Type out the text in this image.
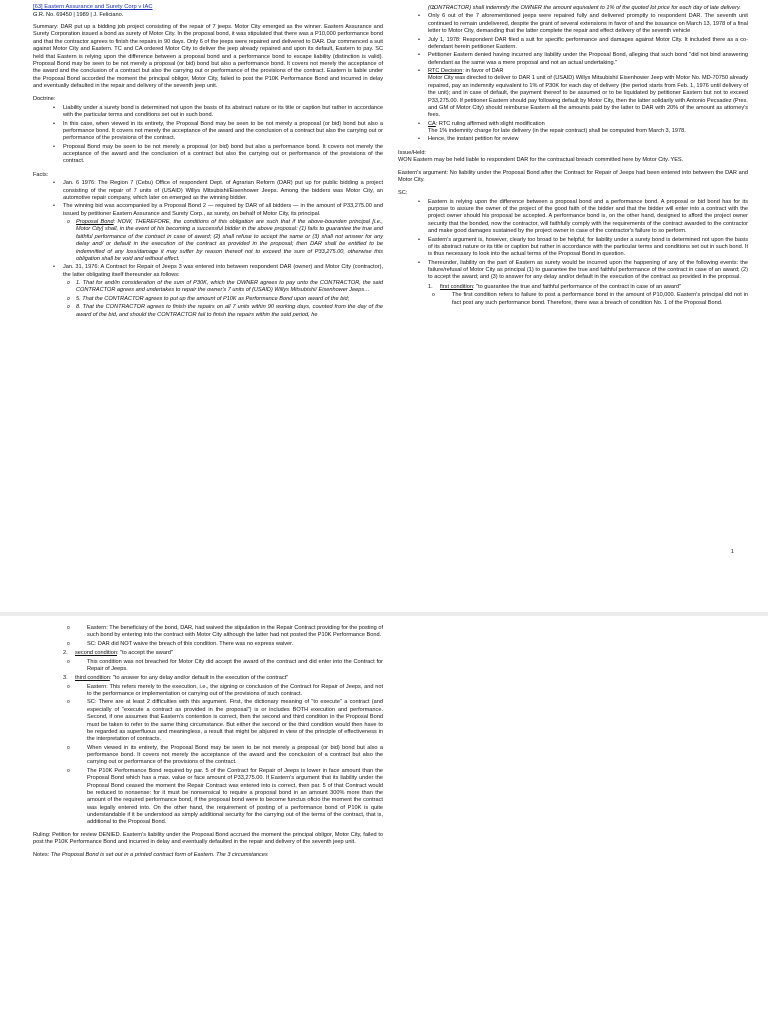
[63] Eastern Assurance and Surety Corp v IAC
G.R. No. 69450 | 1989 | J. Feliciano.
Summary: DAR put up a bidding job project consisting of the repair of 7 jeeps. Motor City emerged as the winner. Eastern Assurance and Surety Corporation issued a bond as surety of Motor City. In the proposal bond, it was stipulated that there was a P10,000 performance bond and that the contractor agrees to finish the repairs in 90 days. Only 6 of the jeeps were repaired and delivered to DAR. Dar commenced a suit against Motor City and Eastern. TC and CA ordered Motor City to deliver the jeep already repaired and upon its default, Eastern to pay. SC held that Eastern is relying upon the difference between a proposal bond and a performance bond to escape liability (distinction is valid). Proposal Bond may be seen to be not merely a proposal (or bid) bond but also a performance bond. It covers not merely the acceptance of the award and the conclusion of a contract but also the carrying out or performance of the provisions of the contract. Eastern is liable under the Proposal Bond accorded the moment the principal obligor, Motor City, failed to post the P10K Performance Bond and incurred in delay and eventually defaulted in the repair and delivery of the seventh jeep unit.
Doctrine:
• Liability under a surety bond is determined not upon the basis of its abstract nature or its title or caption but rather in accordance with the particular terms and conditions set out in such bond.
• In this case, when viewed in its entirety, the Proposal Bond may be seen to be not merely a proposal (or bid) bond but also a performance bond. It covers not merely the acceptance of the award and the conclusion of a contract but also the carrying out or performance of the provisions of the contract.
• Proposal Bond may be seen to be not merely a proposal (or bid) bond but also a performance bond. It covers not merely the acceptance of the award and the conclusion of a contract but also the carrying out or performance of the provisions of the contract.
Facts:
• Jan. 6 1976: The Region 7 (Cebu) Office of respondent Dept. of Agrarian Reform (DAR) put up for public bidding a project consisting of the repair of 7 units of (USAID) Willys Mitsubishi/Eisenhower Jeeps. Among the bidders was Motor City, an automotive repair company, which later on emerged as the winning bidder.
• The winning bid was accompanied by a Proposal Bond 2 — required by DAR of all bidders — in the amount of P33,275.00 and issued by petitioner Eastern Assurance and Surety Corp., as surety, on behalf of Motor City, its principal.
o Proposal Bond: NOW, THEREFORE, the conditions of this obligation are such that if the above-bounden principal [i.e., Motor City] shall, in the event of his becoming a successful bidder in the above proposal: (1) fails to guarantee the true and faithful performance of the contract in case of award; (2) shall refuse to accept the same or (3) shall not answer for any delay and/ or default in the execution of the contract as provided in the proposal; then DAR shall be entitled to be indemnified of any loss/damage it may suffer by reason thereof not to exceed the sum of P33,275.00, otherwise this obligation shall be void and without effect.
• Jan. 31, 1976: A Contract for Repair of Jeeps 3 was entered into between respondent DAR (owner) and Motor City (contractor), the latter obligating itself thereunder as follows:
o 1. That for and/in consideration of the sum of P30K, which the OWNER agrees to pay unto the CONTRACTOR, the said CONTRACTOR agrees and undertakes to repair the owner's 7 units of (USAID) Willys Mitsubishi/ Eisenhower Jeeps…
o 5. That the CONTRACTOR agrees to put up the amount of P10K as Performance Bond upon award of the bid;
o 8. That the CONTRACTOR agrees to finish the repairs on all 7 units within 90 working days, counted from the day of the award of the bid, and should the CONTRACTOR fail to finish the repairs within the said period, he
o (CONTRACTOR) shall indemnify the OWNER the amount equivalent to 1% of the quoted lot price for each day of late delivery.
• Only 6 out of the 7 aforementioned jeeps were repaired fully and delivered promptly to respondent DAR. The seventh unit continued to remain undelivered, despite the grant of several extensions in favor of and the issuance on March 13, 1978 of a final letter to Motor City, demanding that the latter complete the repair and effect delivery of the seventh vehicle
• July 1, 1978: Respondent DAR filed a suit for specific performance and damages against Motor City. It included there as a co-defendant herein petitioner Eastern.
• Petitioner Eastern denied having incurred any liability under the Proposal Bond, alleging that such bond "did not bind answering defendant as the same was a mere proposal and not an actual undertaking."
• RTC Decision: in favor of DAR
Motor City was directed to deliver to DAR 1 unit of (USAID) Willys Mitsubishi/ Eisenhower Jeep with Motor No. MD-70750 already repaired, pay an indemnity equivalent to 1% of P30K for each day of delivery (the period starts from Feb. 1, 1976 until delivery of the unit); and in case of default, the payment thereof to be assumed or to be liquidated by petitioner Eastern but not to exceed P33,275.00. If petitioner Eastern should pay following default by Motor City, then the latter solidarily with Antonio Pecsadez (Pres. and GM of Motor City) should reimburse Eastern all the amounts paid by the latter to DAR with 20% of the amount as attorney's fees.
• CA: RTC ruling affirmed with slight modification
The 1% indemnity charge for late delivery (in the repair contract) shall be computed from March 3, 1978.
• Hence, the instant petition for review
Issue/Held:
WON Eastern may be held liable to respondent DAR for the contractual breach committed here by Motor City. YES.
Eastern's argument: No liability under the Proposal Bond after the Contract for Repair of Jeeps had been entered into between the DAR and Motor City.
SC:
• Eastern is relying upon the difference between a proposal bond and a performance bond. A proposal or bid bond has for its purpose to assure the owner of the project of the good faith of the bidder and that the bidder will enter into a contract with the project owner should his proposal be accepted. A performance bond is, on the other hand, designed to afford the project owner security that the bonded, now the contractor, will faithfully comply with the requirements of the contract awarded to the contractor and make good damages sustained by the project owner in case of the contractor's failure to so perform.
• Eastern's argument is, however, clearly too broad to be helpful; for liability under a surety bond is determined not upon the basis of its abstract nature or its title or caption but rather in accordance with the particular terms and conditions set out in such bond. It is thus necessary to look into the actual terms of the Proposal Bond in question.
• Thereunder, liability on the part of Eastern as surety would be incurred upon the happening of any of the following events: the failure/refusal of Motor City as principal (1) to guarantee the true and faithful performance of the contract in case of an award; (2) to accept the award; and (3) to answer for any delay and/or default in the execution of the contract as provided in the proposal.
1. first condition: "to guarantee the true and faithful performance of the contract in case of an award"
o The first condition refers to failure to post a performance bond in the amount of P10,000. Eastern's principal did not in fact post any such performance bond. Therefore, there was a breach of condition No. 1 of the Proposal Bond.
1
o Eastern: The beneficiary of the bond, DAR, had waived the stipulation in the Repair Contract providing for the posting of such bond by entering into the contract with Motor City although the latter had not posted the P10K Performance Bond.
o SC: DAR did NOT waive the breach of this condition. There was no express waiver.
2. second condition: "to accept the award"
o This condition was not breached for Motor City did accept the award of the contract and did enter into the Contract for Repair of Jeeps.
3. third condition: "to answer for any delay and/or default in the execution of the contract"
o Eastern: This refers merely to the execution, i.e., the signing or conclusion of the Contract for Repair of Jeeps, and not to the performance or implementation or carrying out of the provisions of such contract.
o SC: There are at least 2 difficulties with this argument. First, the dictionary meaning of "to execute" a contract (and especially of "execute a contract as provided in the proposal") is or includes BOTH execution and performance. Second, if one assumes that Eastern's contention is correct, then the second and third condition in the Proposal Bond must be taken to refer to the same thing circumstance. But either the second or the third condition would then have to be regarded as superfluous and meaningless, a result that might be abjured in view of the principle of effectiveness in the interpretation of contracts.
o When viewed in its entirety, the Proposal Bond may be seen to be not merely a proposal (or bid) bond but also a performance bond. It covers not merely the acceptance of the award and the conclusion of a contract but also the carrying out or performance of the provisions of the contract.
o The P10K Performance Bond required by par. 5 of the Contract for Repair of Jeeps is lower in face amount than the Proposal Bond which has a max. value or face amount of P33,275.00. If Eastern's argument that its liability under the Proposal Bond ceased the moment the Repair Contract was entered into is correct, then par. 5 of that Contract would be reduced to nonsense: for it must be nonsensical to require a proposal bond in an amount 300% more than the amount of the required performance bond, if the proposal bond were to become functus oficio the moment the contract was legally entered into. On the other hand, the requirement of posting of a performance bond of P10K is quite understandable if it be understood as simply additional security for the carrying out of the terms of the contract, that is, additional to the Proposal Bond.
Ruling: Petition for review DENIED. Eastern's liability under the Proposal Bond accrued the moment the principal obligor, Motor City, failed to post the P10K Performance Bond and incurred in delay and eventually defaulted in the repair and delivery of the seventh jeep unit.
Notes: The Proposal Bond is set out in a printed contract form of Eastern. The 3 circumstances
